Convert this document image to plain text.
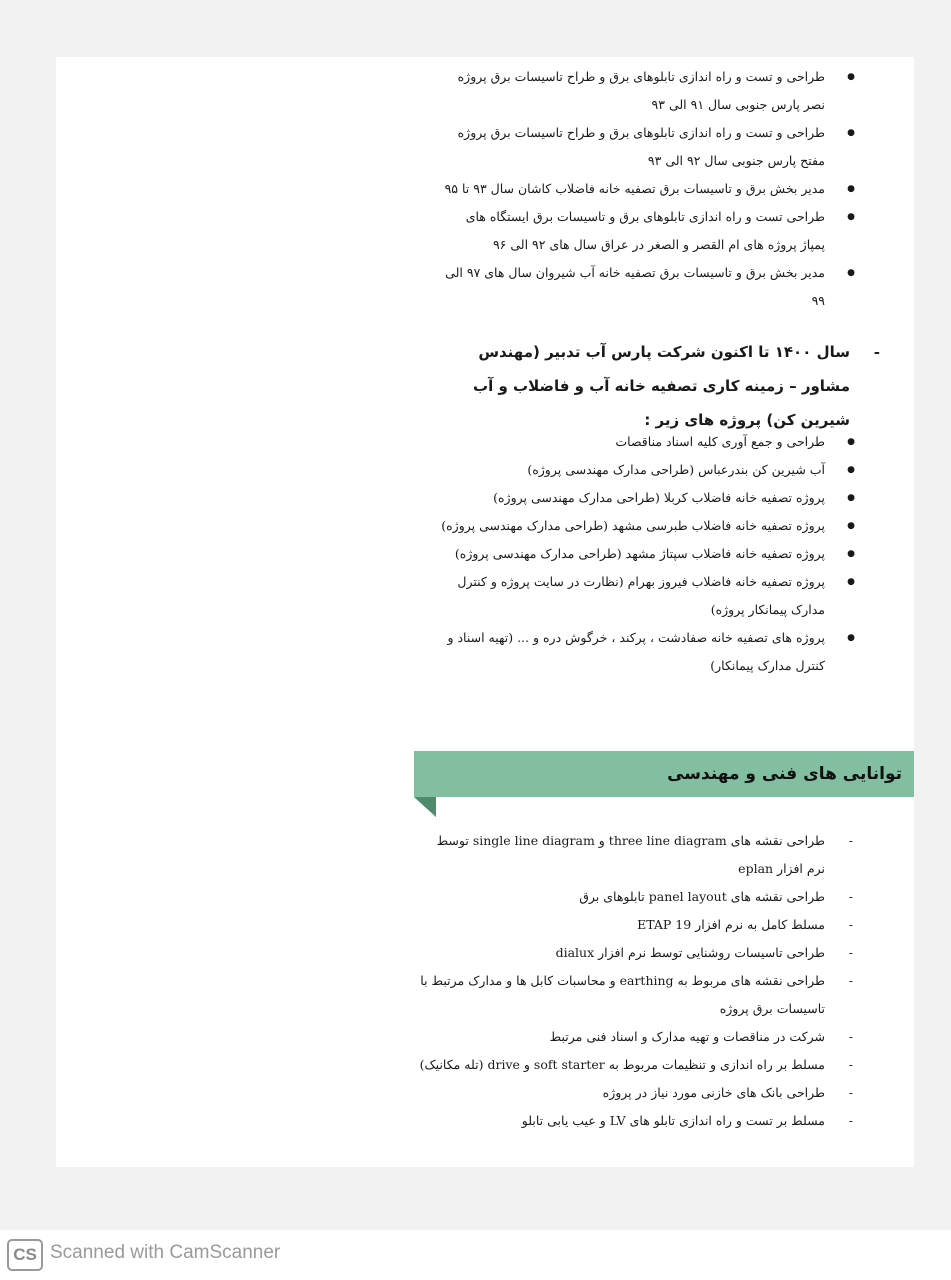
● طراحی و تست و راه اندازی تابلوهای برق و طراح تاسیسات برق پروژه نصر پارس جنوبی سال ۹۱ الی ۹۳
● طراحی و تست و راه اندازی تابلوهای برق و طراح تاسیسات برق پروژه مفتح پارس جنوبی سال ۹۲ الی ۹۳
● مدیر بخش برق و تاسیسات برق تصفیه خانه فاضلاب کاشان سال ۹۳ تا ۹۵
● طراحی تست و راه اندازی تابلوهای برق و تاسیسات برق ایستگاه های پمپاژ پروژه های ام القصر و الصغر در عراق سال های ۹۲ الی ۹۶
● مدیر بخش برق و تاسیسات برق تصفیه خانه آب شیروان سال های ۹۷ الی ۹۹
-
سال ۱۴۰۰ تا اکنون شرکت پارس آب تدبیر (مهندس مشاور – زمینه کاری تصفیه خانه آب و فاضلاب و آب شیرین کن) پروژه های زیر :
● طراحی و جمع آوری کلیه اسناد مناقصات
● آب شیرین کن بندرعباس (طراحی مدارک مهندسی پروژه)
● پروژه تصفیه خانه فاضلاب کربلا (طراحی مدارک مهندسی پروژه)
● پروژه تصفیه خانه فاضلاب طبرسی مشهد (طراحی مدارک مهندسی پروژه)
● پروژه تصفیه خانه فاضلاب سپتاژ مشهد (طراحی مدارک مهندسی پروژه)
● پروژه تصفیه خانه فاضلاب فیروز بهرام (نظارت در سایت پروژه و کنترل مدارک پیمانکار پروژه)
● پروژه های تصفیه خانه صفادشت ، پرکند ، خرگوش دره و ... (تهیه اسناد و کنترل مدارک پیمانکار)
توانایی های فنی و مهندسی
- طراحی نقشه های three line diagram و single line diagram توسط نرم افزار eplan
- طراحی نقشه های panel layout تابلوهای برق
- مسلط کامل به نرم افزار ETAP 19
- طراحی تاسیسات روشنایی توسط نرم افزار dialux
- طراحی نقشه های مربوط به earthing و محاسبات کابل ها و مدارک مرتبط با تاسیسات برق پروژه
- شرکت در مناقصات و تهیه مدارک و اسناد فنی مرتبط
- مسلط بر راه اندازی و تنظیمات مربوط به soft starter و drive (تله مکانیک)
- طراحی بانک های خازنی مورد نیاز در پروژه
- مسلط بر تست و راه اندازی تابلو های LV و عیب یابی تابلو
CS Scanned with CamScanner
